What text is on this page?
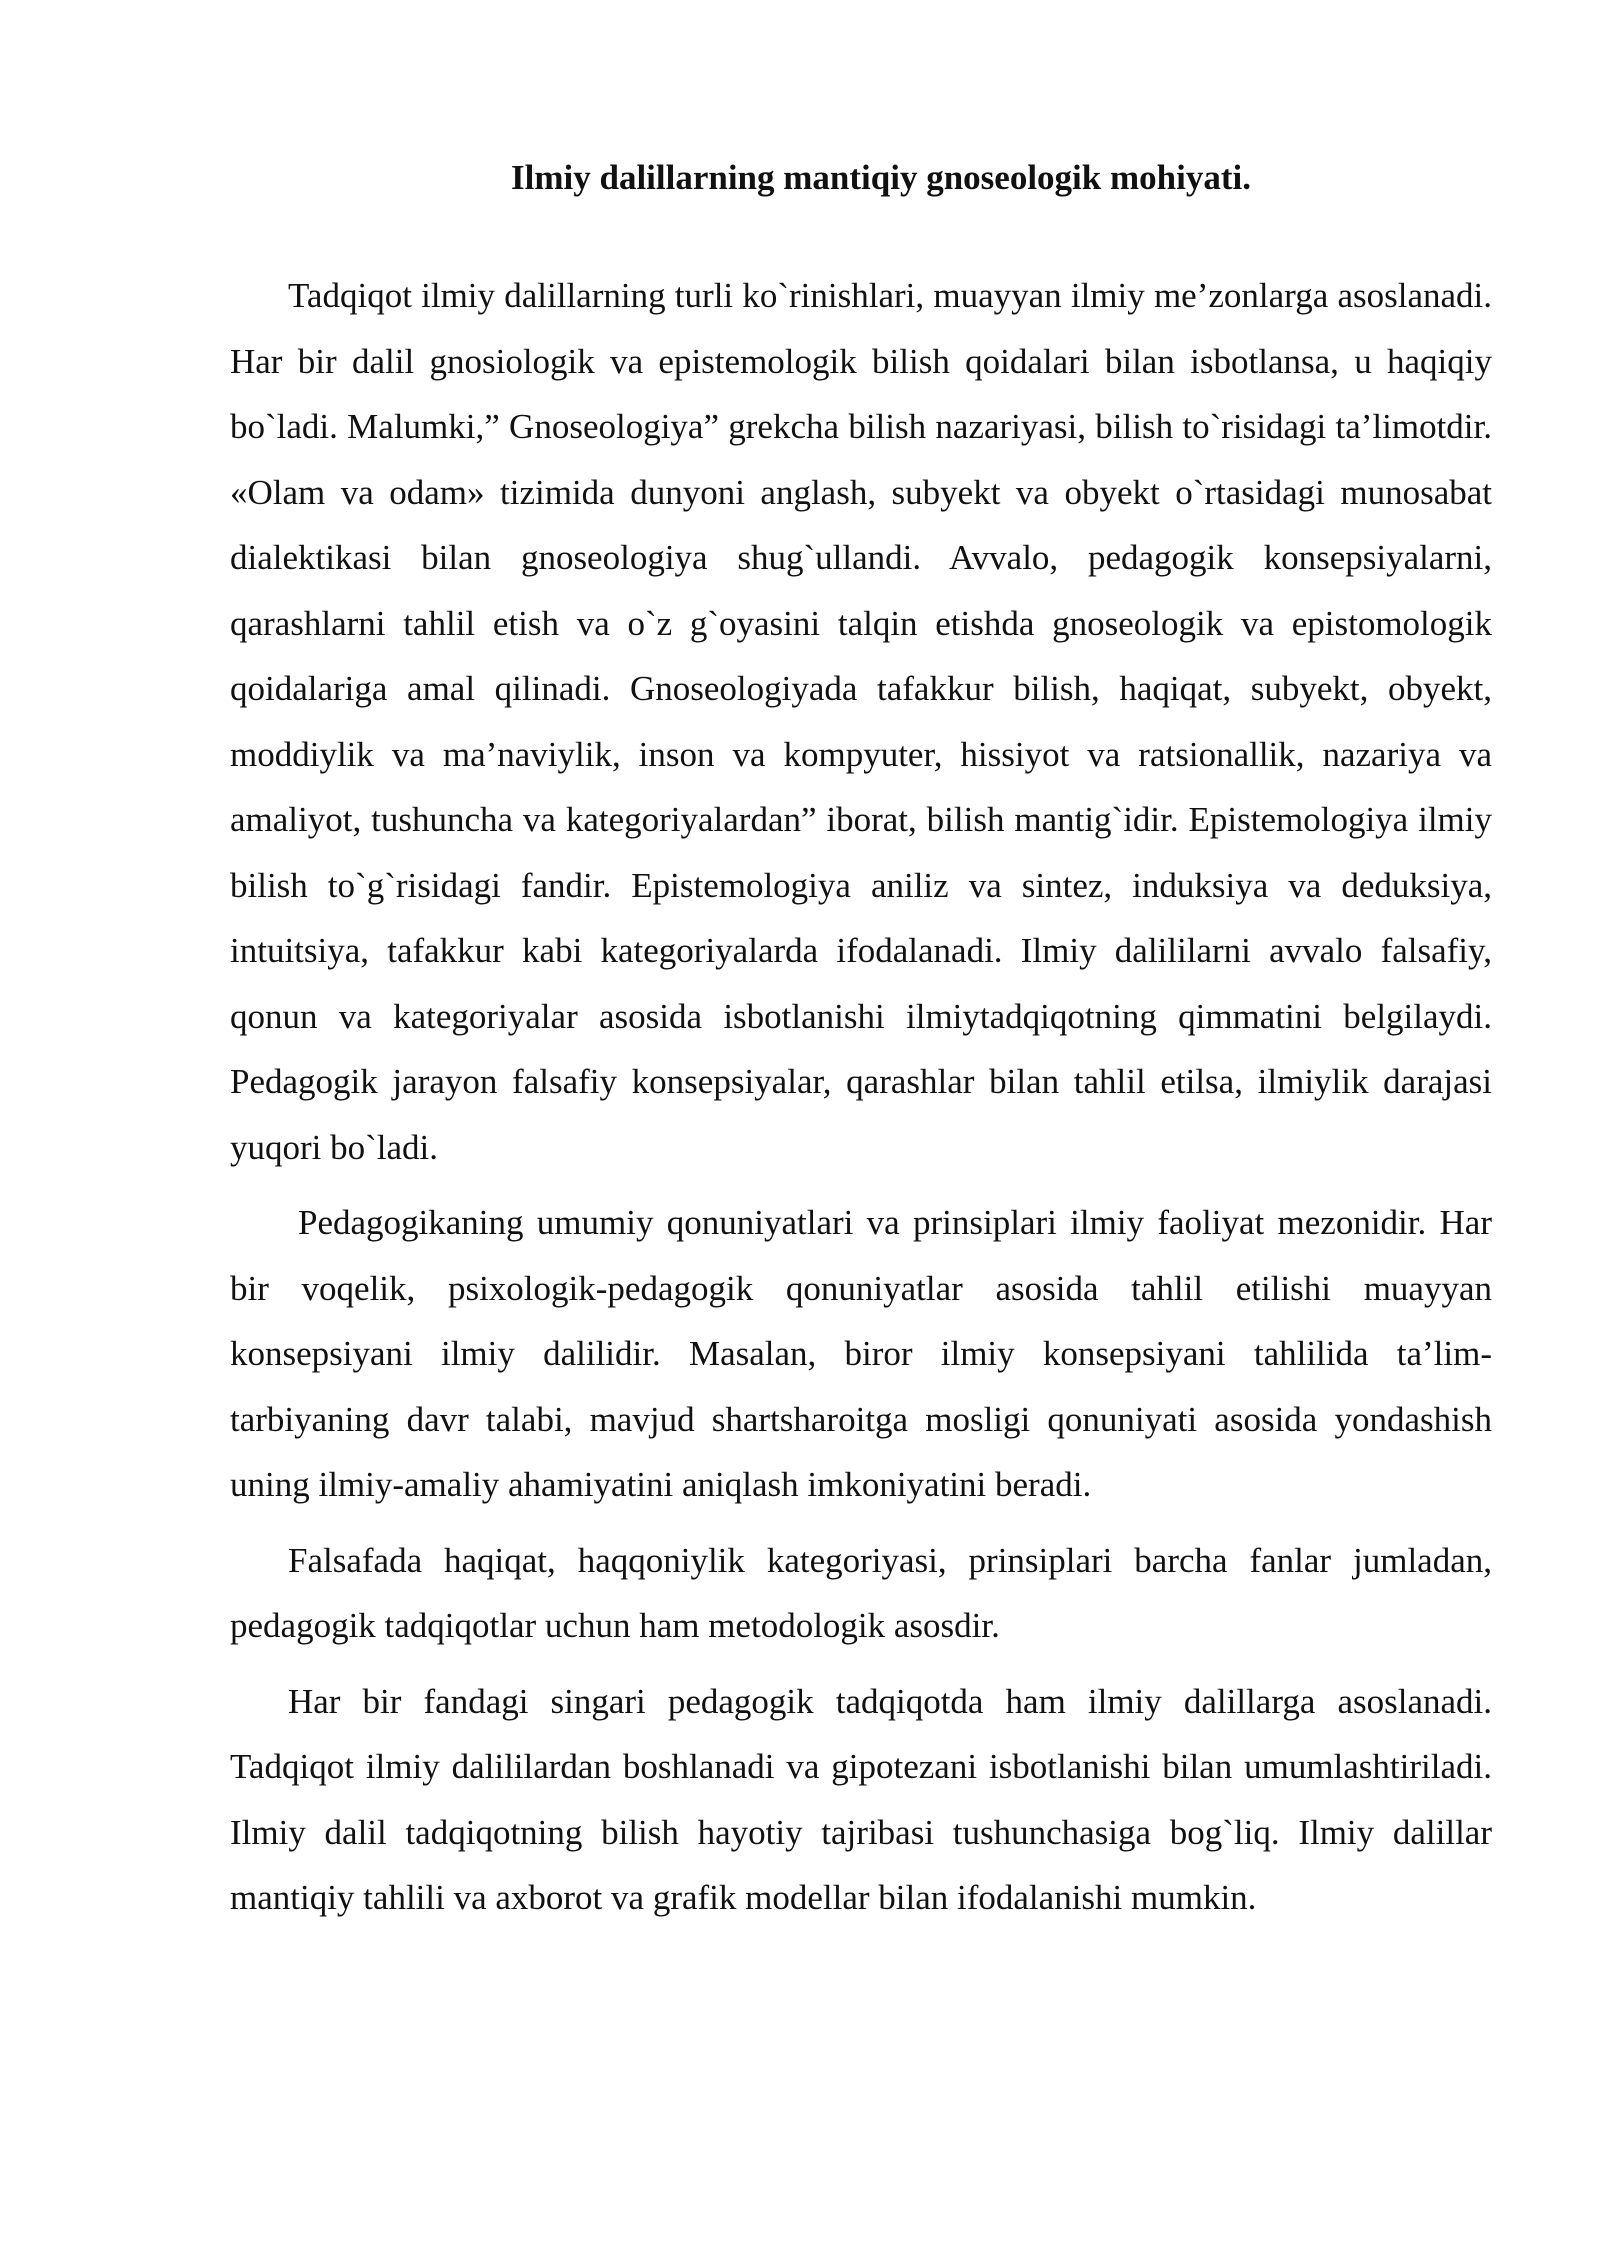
Ilmiy dalillarning mantiqiy gnoseologik mohiyati.

Tadqiqot ilmiy dalillarning turli ko`rinishlari, muayyan ilmiy me’zonlarga asoslanadi. Har bir dalil gnosiologik va epistemologik bilish qoidalari bilan isbotlansa, u haqiqiy bo`ladi. Malumki,” Gnoseologiya” grekcha bilish nazariyasi, bilish to`risidagi ta’limotdir. «Olam va odam» tizimida dunyoni anglash, subyekt va obyekt o`rtasidagi munosabat dialektikasi bilan gnoseologiya shug`ullandi. Avvalo, pedagogik konsepsiyalarni, qarashlarni tahlil etish va o`z g`oyasini talqin etishda gnoseologik va epistomologik qoidalariga amal qilinadi. Gnoseologiyada tafakkur bilish, haqiqat, subyekt, obyekt, moddiylik va ma’naviylik, inson va kompyuter, hissiyot va ratsionallik, nazariya va amaliyot, tushuncha va kategoriyalardan” iborat, bilish mantig`idir. Epistemologiya ilmiy bilish to`g`risidagi fandir. Epistemologiya aniliz va sintez, induksiya va deduksiya, intuitsiya, tafakkur kabi kategoriyalarda ifodalanadi. Ilmiy dalililarni avvalo falsafiy, qonun va kategoriyalar asosida isbotlanishi ilmiytadqiqotning qimmatini belgilaydi. Pedagogik jarayon falsafiy konsepsiyalar, qarashlar bilan tahlil etilsa, ilmiylik darajasi yuqori bo`ladi.

Pedagogikaning umumiy qonuniyatlari va prinsiplari ilmiy faoliyat mezonidir. Har bir voqelik, psixologik-pedagogik qonuniyatlar asosida tahlil etilishi muayyan konsepsiyani ilmiy dalilidir. Masalan, biror ilmiy konsepsiyani tahlilida ta’lim-tarbiyaning davr talabi, mavjud shartsharoitga mosligi qonuniyati asosida yondashish uning ilmiy-amaliy ahamiyatini aniqlash imkoniyatini beradi.

Falsafada haqiqat, haqqoniylik kategoriyasi, prinsiplari barcha fanlar jumladan, pedagogik tadqiqotlar uchun ham metodologik asosdir.

Har bir fandagi singari pedagogik tadqiqotda ham ilmiy dalillarga asoslanadi. Tadqiqot ilmiy dalililardan boshlanadi va gipotezani isbotlanishi bilan umumlashtiriladi. Ilmiy dalil tadqiqotning bilish hayotiy tajribasi tushunchasiga bog`liq. Ilmiy dalillar mantiqiy tahlili va axborot va grafik modellar bilan ifodalanishi mumkin.
